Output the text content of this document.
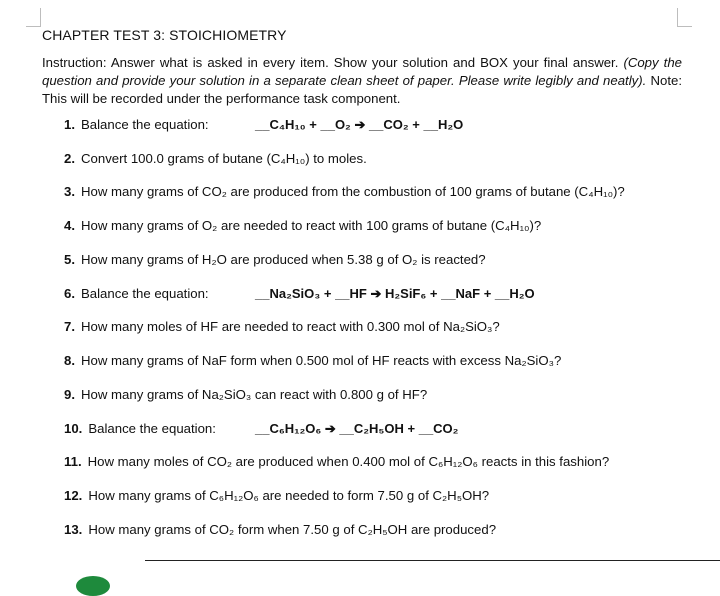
CHAPTER TEST 3: STOICHIOMETRY
Instruction: Answer what is asked in every item. Show your solution and BOX your final answer. (Copy the question and provide your solution in a separate clean sheet of paper. Please write legibly and neatly). Note: This will be recorded under the performance task component.
1. Balance the equation:	__C₄H₁₀ + __O₂ ➔ __CO₂ + __H₂O
2. Convert 100.0 grams of butane (C₄H₁₀) to moles.
3. How many grams of CO₂ are produced from the combustion of 100 grams of butane (C₄H₁₀)?
4. How many grams of O₂ are needed to react with 100 grams of butane (C₄H₁₀)?
5. How many grams of H₂O are produced when 5.38 g of O₂ is reacted?
6. Balance the equation:	__Na₂SiO₃ + __HF ➔ H₂SiF₆ + __NaF + __H₂O
7. How many moles of HF are needed to react with 0.300 mol of Na₂SiO₃?
8. How many grams of NaF form when 0.500 mol of HF reacts with excess Na₂SiO₃?
9. How many grams of Na₂SiO₃ can react with 0.800 g of HF?
10. Balance the equation:	__C₆H₁₂O₆ ➔ __C₂H₅OH + __CO₂
11. How many moles of CO₂ are produced when 0.400 mol of C₆H₁₂O₆ reacts in this fashion?
12. How many grams of C₆H₁₂O₆ are needed to form 7.50 g of C₂H₅OH?
13. How many grams of CO₂ form when 7.50 g of C₂H₅OH are produced?
